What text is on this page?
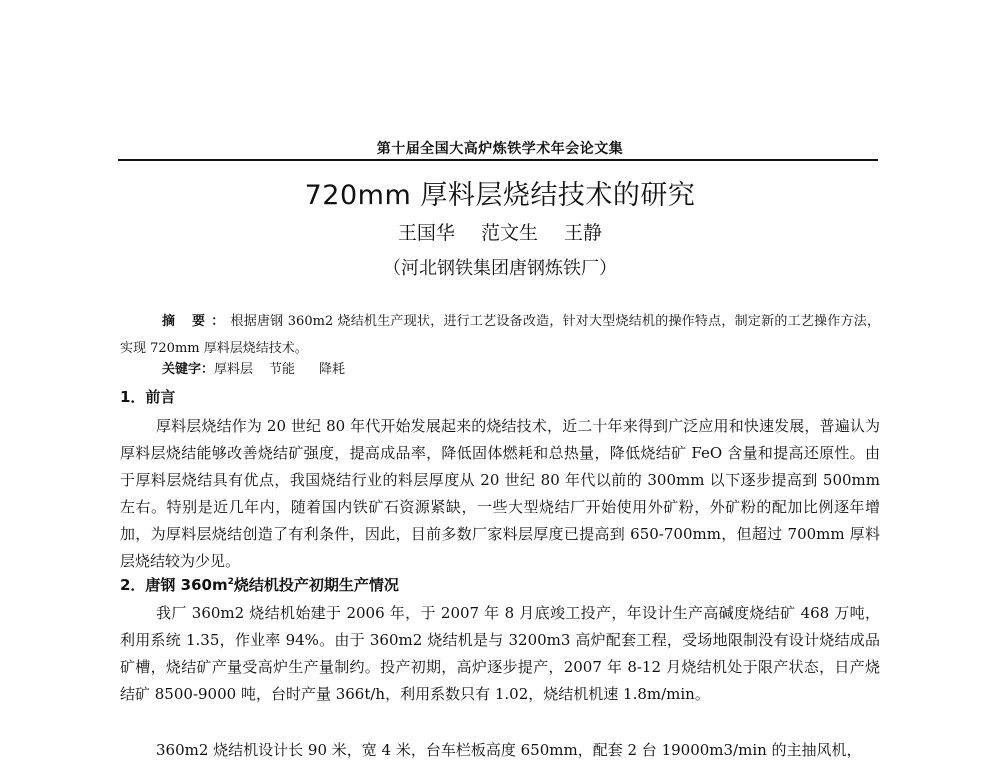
第十届全国大高炉炼铁学术年会论文集
720mm 厚料层烧结技术的研究
王国华 范文生 王静
（河北钢铁集团唐钢炼铁厂）
摘 要：根据唐钢 360m2 烧结机生产现状，进行工艺设备改造，针对大型烧结机的操作特点，制定新的工艺操作方法，实现 720mm 厚料层烧结技术。
关键字：厚料层 节能 降耗
1．前言
厚料层烧结作为 20 世纪 80 年代开始发展起来的烧结技术，近二十年来得到广泛应用和快速发展，普遍认为厚料层烧结能够改善烧结矿强度，提高成品率，降低固体燃耗和总热量，降低烧结矿 FeO 含量和提高还原性。由于厚料层烧结具有优点，我国烧结行业的料层厚度从 20 世纪 80 年代以前的 300mm 以下逐步提高到 500mm 左右。特别是近几年内，随着国内铁矿石资源紧缺，一些大型烧结厂开始使用外矿粉，外矿粉的配加比例逐年增加，为厚料层烧结创造了有利条件，因此，目前多数厂家料层厚度已提高到 650-700mm，但超过 700mm 厚料层烧结较为少见。
2．唐钢 $360m^2$烧结机投产初期生产情况
我厂 360m2 烧结机始建于 2006 年，于 2007 年 8 月底竣工投产，年设计生产高碱度烧结矿 468 万吨，利用系统 1.35，作业率 94%。由于 360m2 烧结机是与 3200m3 高炉配套工程，受场地限制没有设计烧结成品矿槽，烧结矿产量受高炉生产量制约。投产初期，高炉逐步提产，2007 年 8-12 月烧结机处于限产状态，日产烧结矿 8500-9000 吨，台时产量 366t/h，利用系数只有 1.02，烧结机机速 1.8m/min。
360m2 烧结机设计长 90 米，宽 4 米，台车栏板高度 650mm，配套 2 台 19000m3/min 的主抽风机，
